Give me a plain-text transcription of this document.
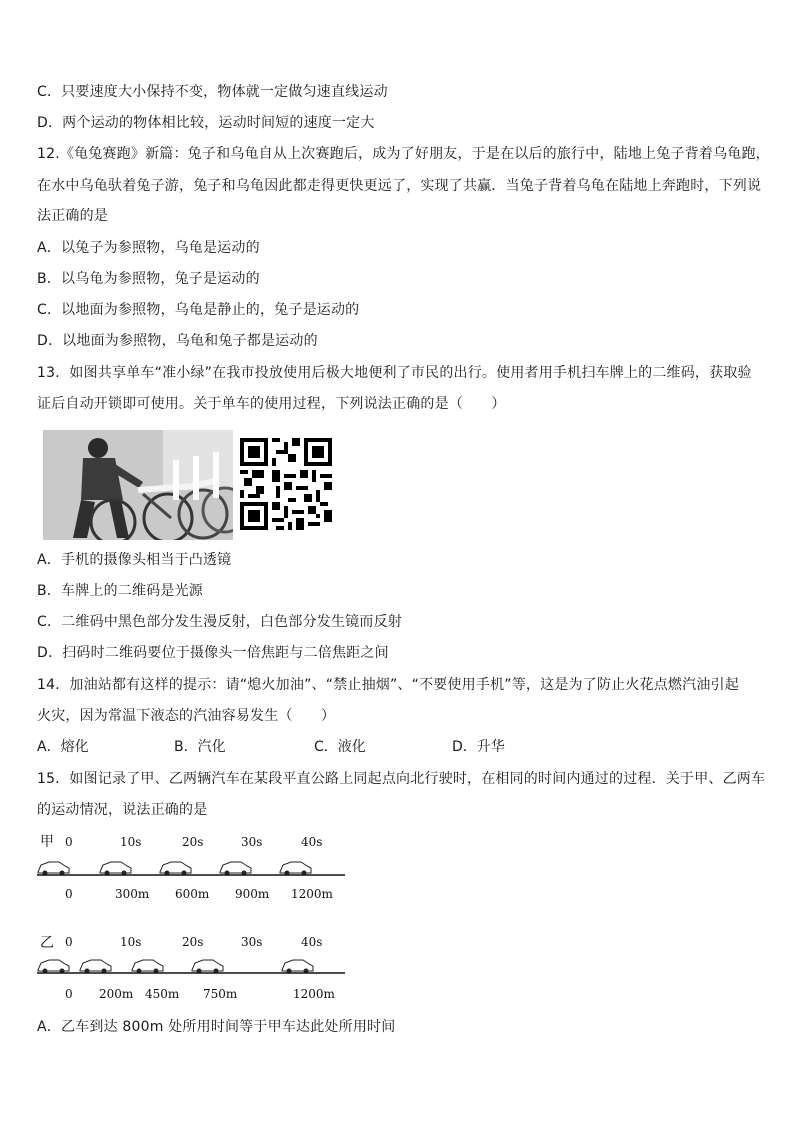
C．只要速度大小保持不变，物体就一定做匀速直线运动
D．两个运动的物体相比较，运动时间短的速度一定大
12.《龟兔赛跑》新篇：兔子和乌龟自从上次赛跑后，成为了好朋友，于是在以后的旅行中，陆地上兔子背着乌龟跑，
在水中乌龟驮着兔子游，兔子和乌龟因此都走得更快更远了，实现了共赢．当兔子背着乌龟在陆地上奔跑时，下列说
法正确的是
A．以兔子为参照物，乌龟是运动的
B．以乌龟为参照物，兔子是运动的
C．以地面为参照物，乌龟是静止的，兔子是运动的
D．以地面为参照物，乌龟和兔子都是运动的
13．如图共享单车“准小绿”在我市投放使用后极大地便利了市民的出行。使用者用手机扫车牌上的二维码，获取验
证后自动开锁即可使用。关于单车的使用过程，下列说法正确的是（　　）
A．手机的摄像头相当于凸透镜
B．车牌上的二维码是光源
C．二维码中黑色部分发生漫反射，白色部分发生镜而反射
D．扫码时二维码要位于摄像头一倍焦距与二倍焦距之间
14．加油站都有这样的提示：请“熄火加油”、“禁止抽烟”、“不要使用手机”等，这是为了防止火花点燃汽油引起
火灾，因为常温下液态的汽油容易发生（　　）
A．熔化	B．汽化	C．液化	D．升华
15．如图记录了甲、乙两辆汽车在某段平直公路上同起点向北行驶时，在相同的时间内通过的过程．关于甲、乙两车
的运动情况，说法正确的是
甲 0	10s	20s	30s	40s
0	300m 600m 900m 1200m
乙 0	10s	20s	30s	40s
0 200m 450m 750m	1200m
A．乙车到达 800m 处所用时间等于甲车达此处所用时间
